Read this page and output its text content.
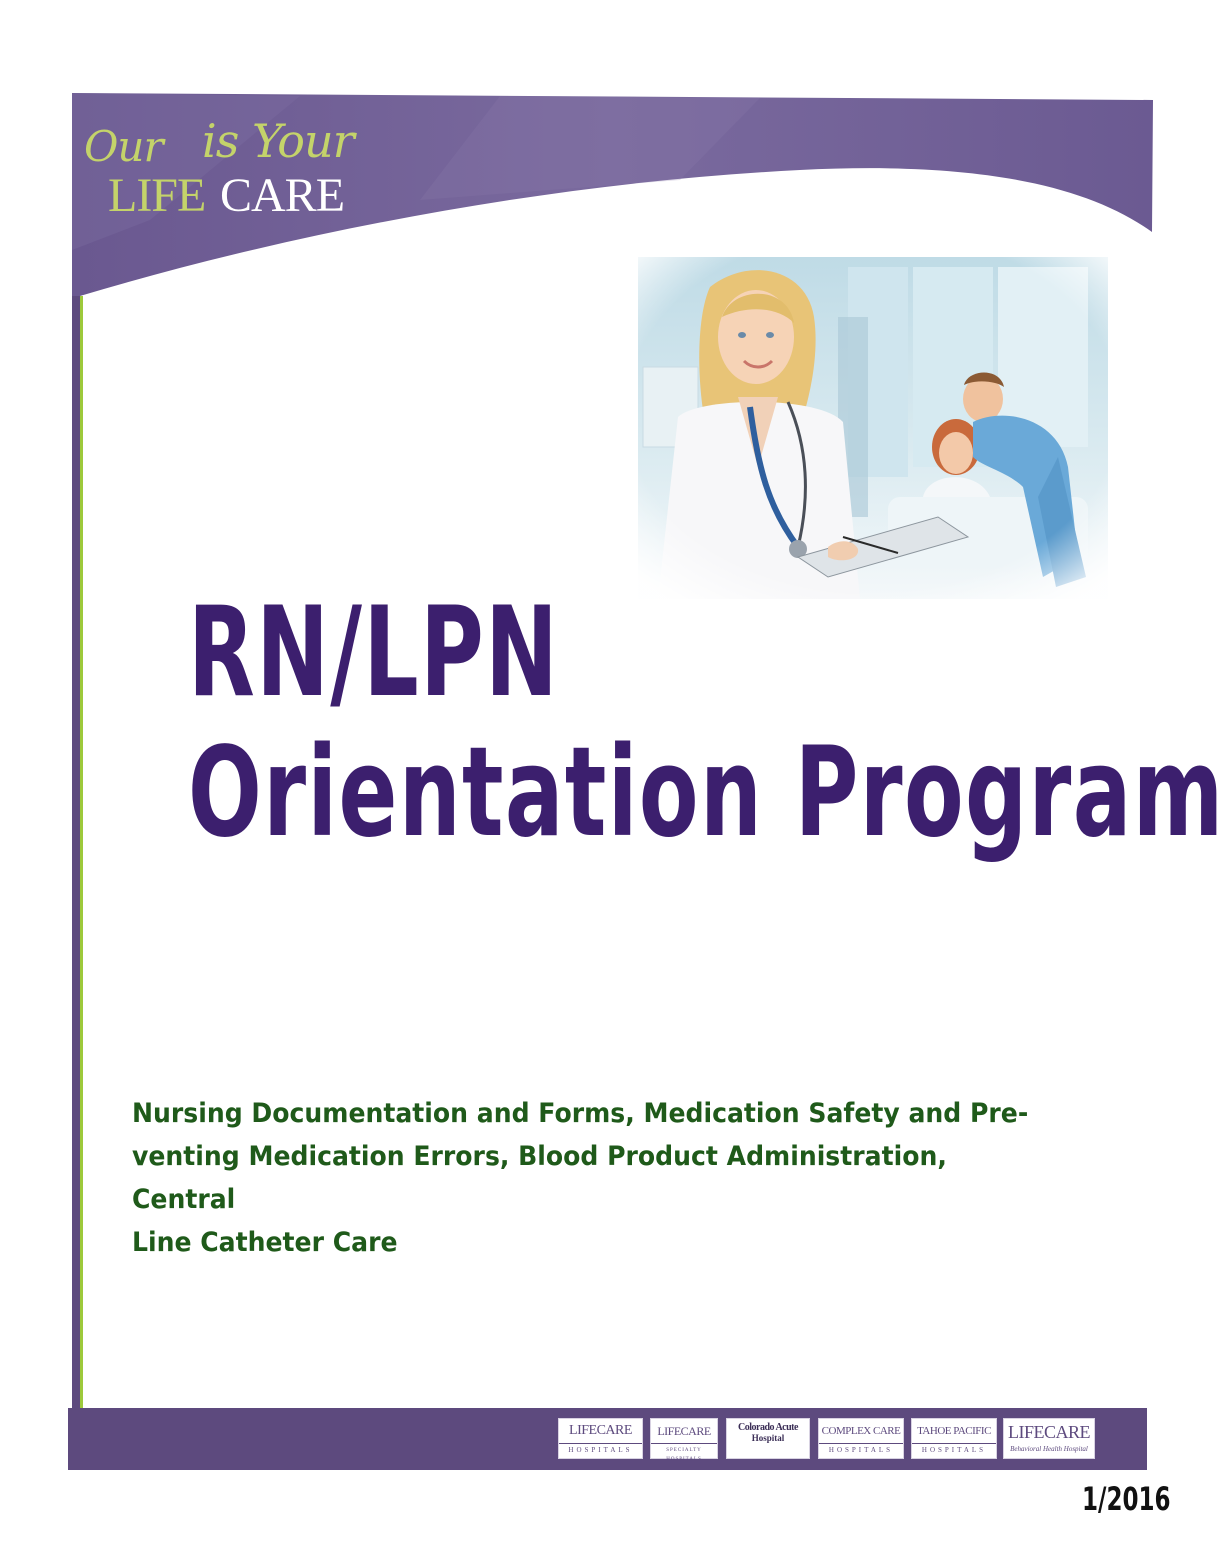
Our is Your
LIFE CARE
RN/LPN
Orientation Program
Nursing Documentation and Forms, Medication Safety and Pre-
venting Medication Errors, Blood Product Administration, Central
Line Catheter Care
LIFECARE
HOSPITALS
LIFECARE
SPECIALTY HOSPITALS
Colorado Acute
Hospital
COMPLEX CARE
HOSPITALS
TAHOE PACIFIC
HOSPITALS
LIFECARE
Behavioral Health Hospital
1/2016
